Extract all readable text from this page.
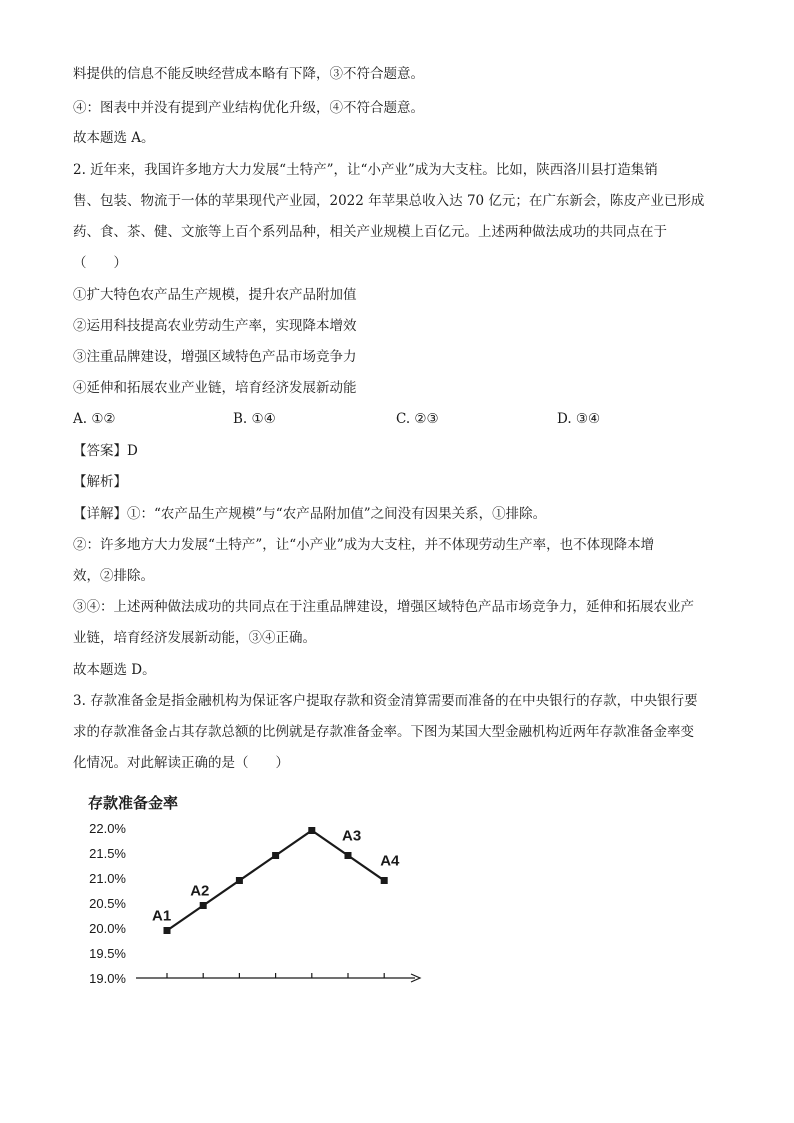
料提供的信息不能反映经营成本略有下降，③不符合题意。
④：图表中并没有提到产业结构优化升级，④不符合题意。
故本题选 A。
2. 近年来，我国许多地方大力发展“土特产”，让“小产业”成为大支柱。比如，陕西洛川县打造集销
售、包装、物流于一体的苹果现代产业园，2022 年苹果总收入达 70 亿元；在广东新会，陈皮产业已形成
药、食、茶、健、文旅等上百个系列品种，相关产业规模上百亿元。上述两种做法成功的共同点在于
（　　）
①扩大特色农产品生产规模，提升农产品附加值
②运用科技提高农业劳动生产率，实现降本增效
③注重品牌建设，增强区域特色产品市场竞争力
④延伸和拓展农业产业链，培育经济发展新动能
A. ①②	B. ①④	C. ②③	D. ③④
【答案】D
【解析】
【详解】①：“农产品生产规模”与“农产品附加值”之间没有因果关系，①排除。
②：许多地方大力发展“土特产”，让“小产业”成为大支柱，并不体现劳动生产率，也不体现降本增
效，②排除。
③④：上述两种做法成功的共同点在于注重品牌建设，增强区域特色产品市场竞争力，延伸和拓展农业产
业链，培育经济发展新动能，③④正确。
故本题选 D。
3. 存款准备金是指金融机构为保证客户提取存款和资金清算需要而准备的在中央银行的存款，中央银行要
求的存款准备金占其存款总额的比例就是存款准备金率。下图为某国大型金融机构近两年存款准备金率变
化情况。对此解读正确的是（　　）
存款准备金率
22.0%
21.5%
21.0%
20.5%
20.0%
19.5%
19.0%
A1
A2
A3
A4
